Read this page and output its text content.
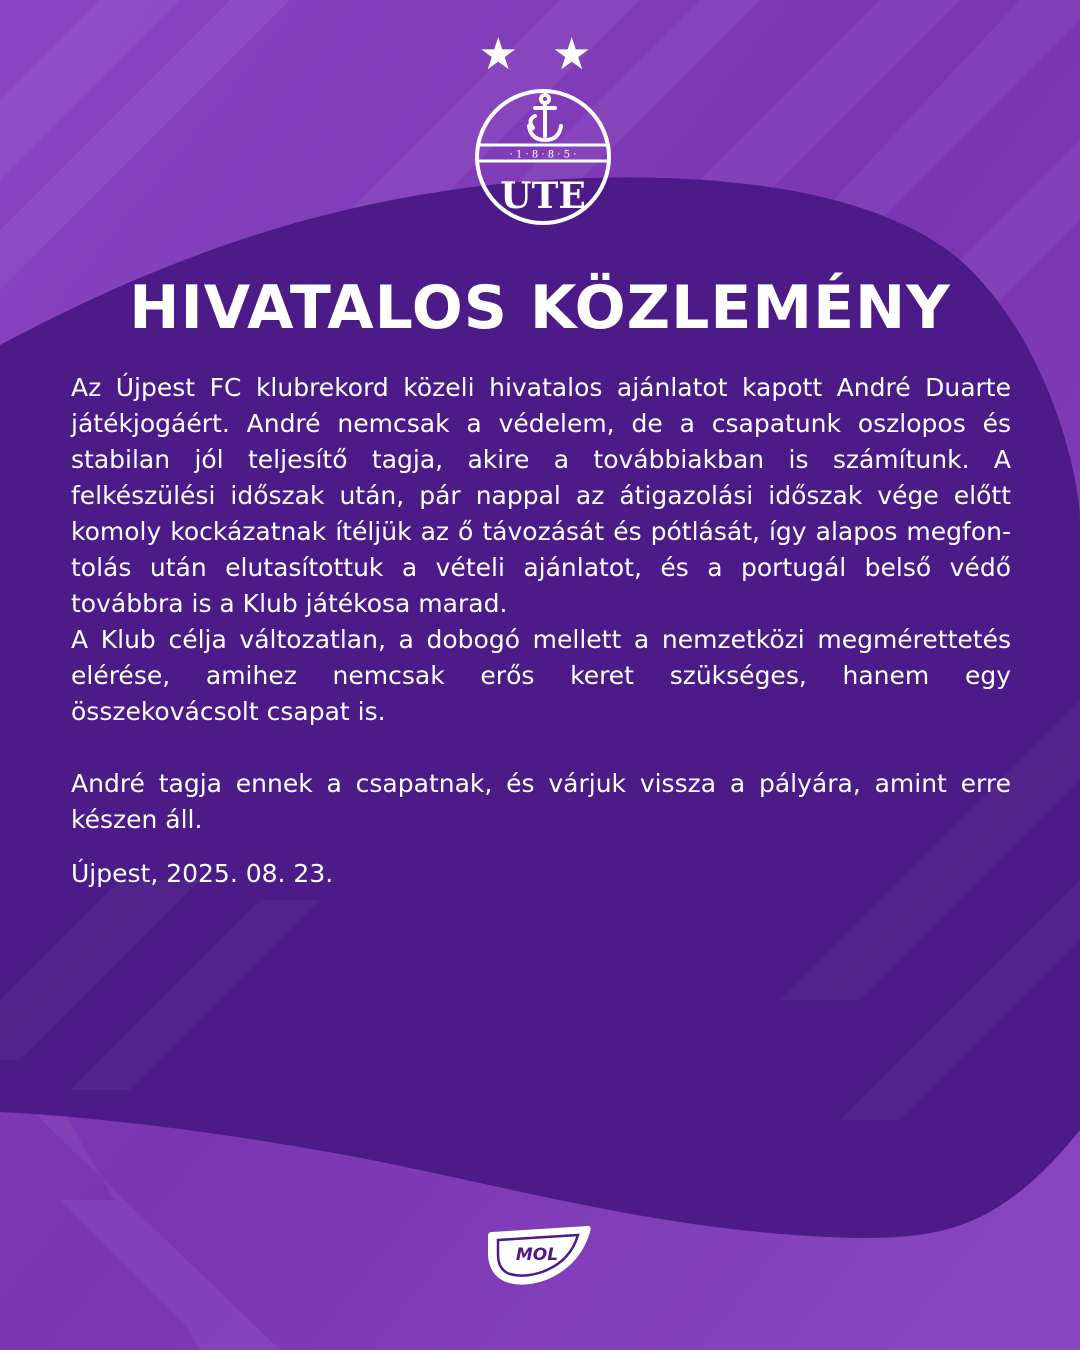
★ ★
· 1 · 8 · 8 · 5 ·
UTE
HIVATALOS KÖZLEMÉNY

Az Újpest FC klubrekord közeli hivatalos ajánlatot kapott André Duarte játékjogáért. André nemcsak a védelem, de a csapatunk oszlopos és stabilan jól teljesítő tagja, akire a továbbiakban is számítunk. A felkészülési időszak után, pár nappal az átigazolási időszak vége előtt komoly kockázatnak ítéljük az ő távozását és pótlását, így alapos megfontolás után elutasítottuk a vételi ajánlatot, és a portugál belső védő továbbra is a Klub játékosa marad.

A Klub célja változatlan, a dobogó mellett a nemzetközi megmérettetés elérése, amihez nemcsak erős keret szükséges, hanem egy összekovácsolt csapat is.

André tagja ennek a csapatnak, és várjuk vissza a pályára, amint erre készen áll.

Újpest, 2025. 08. 23.

MOL
